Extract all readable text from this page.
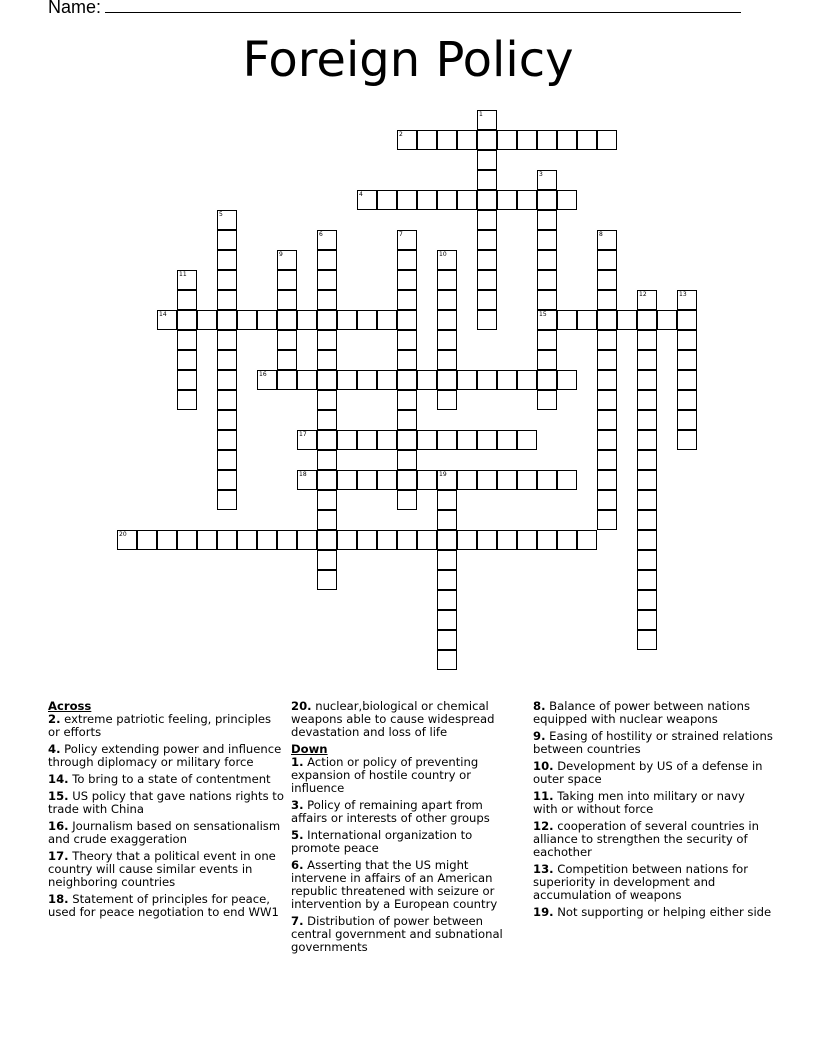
Name:
Foreign Policy
1
2
3
4
5
6	7	8
9	10
11
12	13
14	15
16
17
18	19
20
Across
2. extreme patriotic feeling, principles or efforts
4. Policy extending power and influence through diplomacy or military force
14. To bring to a state of contentment
15. US policy that gave nations rights to trade with China
16. Journalism based on sensationalism and crude exaggeration
17. Theory that a political event in one country will cause similar events in neighboring countries
18. Statement of principles for peace, used for peace negotiation to end WW1
20. nuclear,biological or chemical weapons able to cause widespread devastation and loss of life
Down
1. Action or policy of preventing expansion of hostile country or influence
3. Policy of remaining apart from affairs or interests of other groups
5. International organization to promote peace
6. Asserting that the US might intervene in affairs of an American republic threatened with seizure or intervention by a European country
7. Distribution of power between central government and subnational governments
8. Balance of power between nations equipped with nuclear weapons
9. Easing of hostility or strained relations between countries
10. Development by US of a defense in outer space
11. Taking men into military or navy with or without force
12. cooperation of several countries in alliance to strengthen the security of eachother
13. Competition between nations for superiority in development and accumulation of weapons
19. Not supporting or helping either side
